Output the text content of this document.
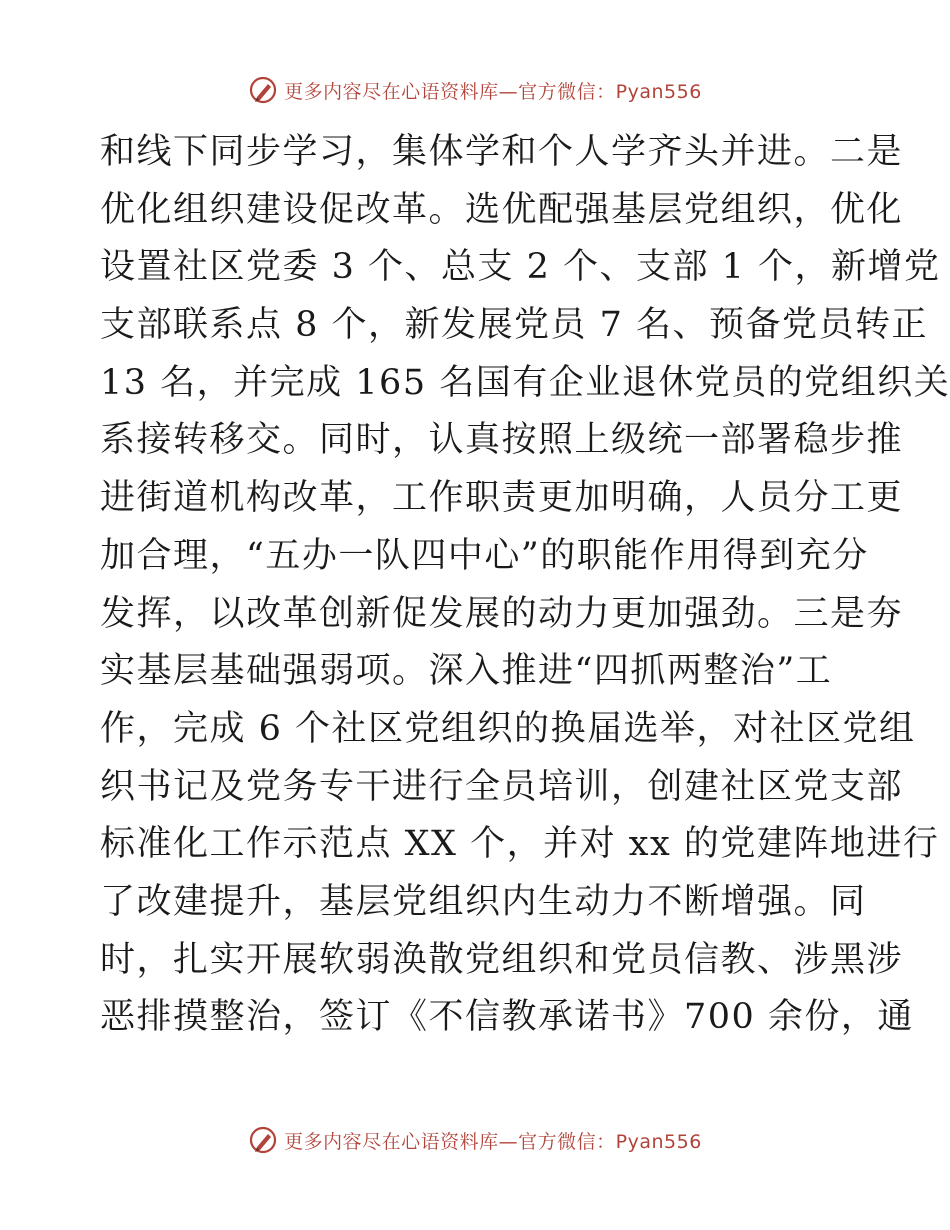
更多内容尽在心语资料库—官方微信：Pyan556
和线下同步学习，集体学和个人学齐头并进。二是
优化组织建设促改革。选优配强基层党组织，优化
设置社区党委 3 个、总支 2 个、支部 1 个，新增党
支部联系点 8 个，新发展党员 7 名、预备党员转正
13 名，并完成 165 名国有企业退休党员的党组织关
系接转移交。同时，认真按照上级统一部署稳步推
进街道机构改革，工作职责更加明确，人员分工更
加合理，“五办一队四中心”的职能作用得到充分
发挥，以改革创新促发展的动力更加强劲。三是夯
实基层基础强弱项。深入推进“四抓两整治”工
作，完成 6 个社区党组织的换届选举，对社区党组
织书记及党务专干进行全员培训，创建社区党支部
标准化工作示范点 XX 个，并对 xx 的党建阵地进行
了改建提升，基层党组织内生动力不断增强。同
时，扎实开展软弱涣散党组织和党员信教、涉黑涉
恶排摸整治，签订《不信教承诺书》700 余份，通
更多内容尽在心语资料库—官方微信：Pyan556
